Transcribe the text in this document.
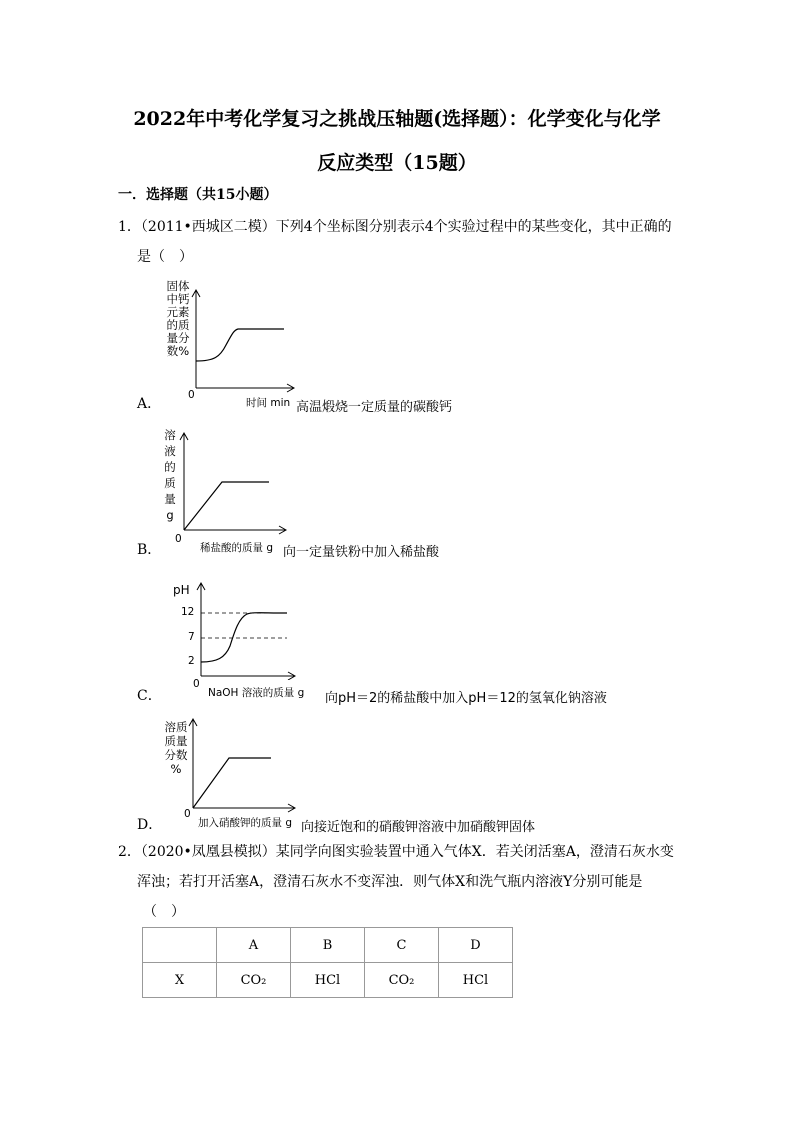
2022年中考化学复习之挑战压轴题(选择题）：化学变化与化学
反应类型（15题）
一．选择题（共15小题）
1．（2011•西城区二模）下列4个坐标图分别表示4个实验过程中的某些变化，其中正确的
是（　）
固体
中钙
元素
的质
量分
数%
0
时间 min
A．	高温煅烧一定质量的碳酸钙
溶
液
的
质
量
g
0
B．	稀盐酸的质量 g 向一定量铁粉中加入稀盐酸
pH
12
7
2
0
NaOH 溶液的质量 g
C．	向pH＝2的稀盐酸中加入pH＝12的氢氧化钠溶液
溶质
质量
分数
%
0
D．	加入硝酸钾的质量 g 向接近饱和的硝酸钾溶液中加硝酸钾固体
2．（2020•凤凰县模拟）某同学向图实验装置中通入气体X．若关闭活塞A，澄清石灰水变
浑浊；若打开活塞A，澄清石灰水不变浑浊．则气体X和洗气瓶内溶液Y分别可能是
（　）
	A	B	C	D
X	CO₂	HCl	CO₂	HCl
